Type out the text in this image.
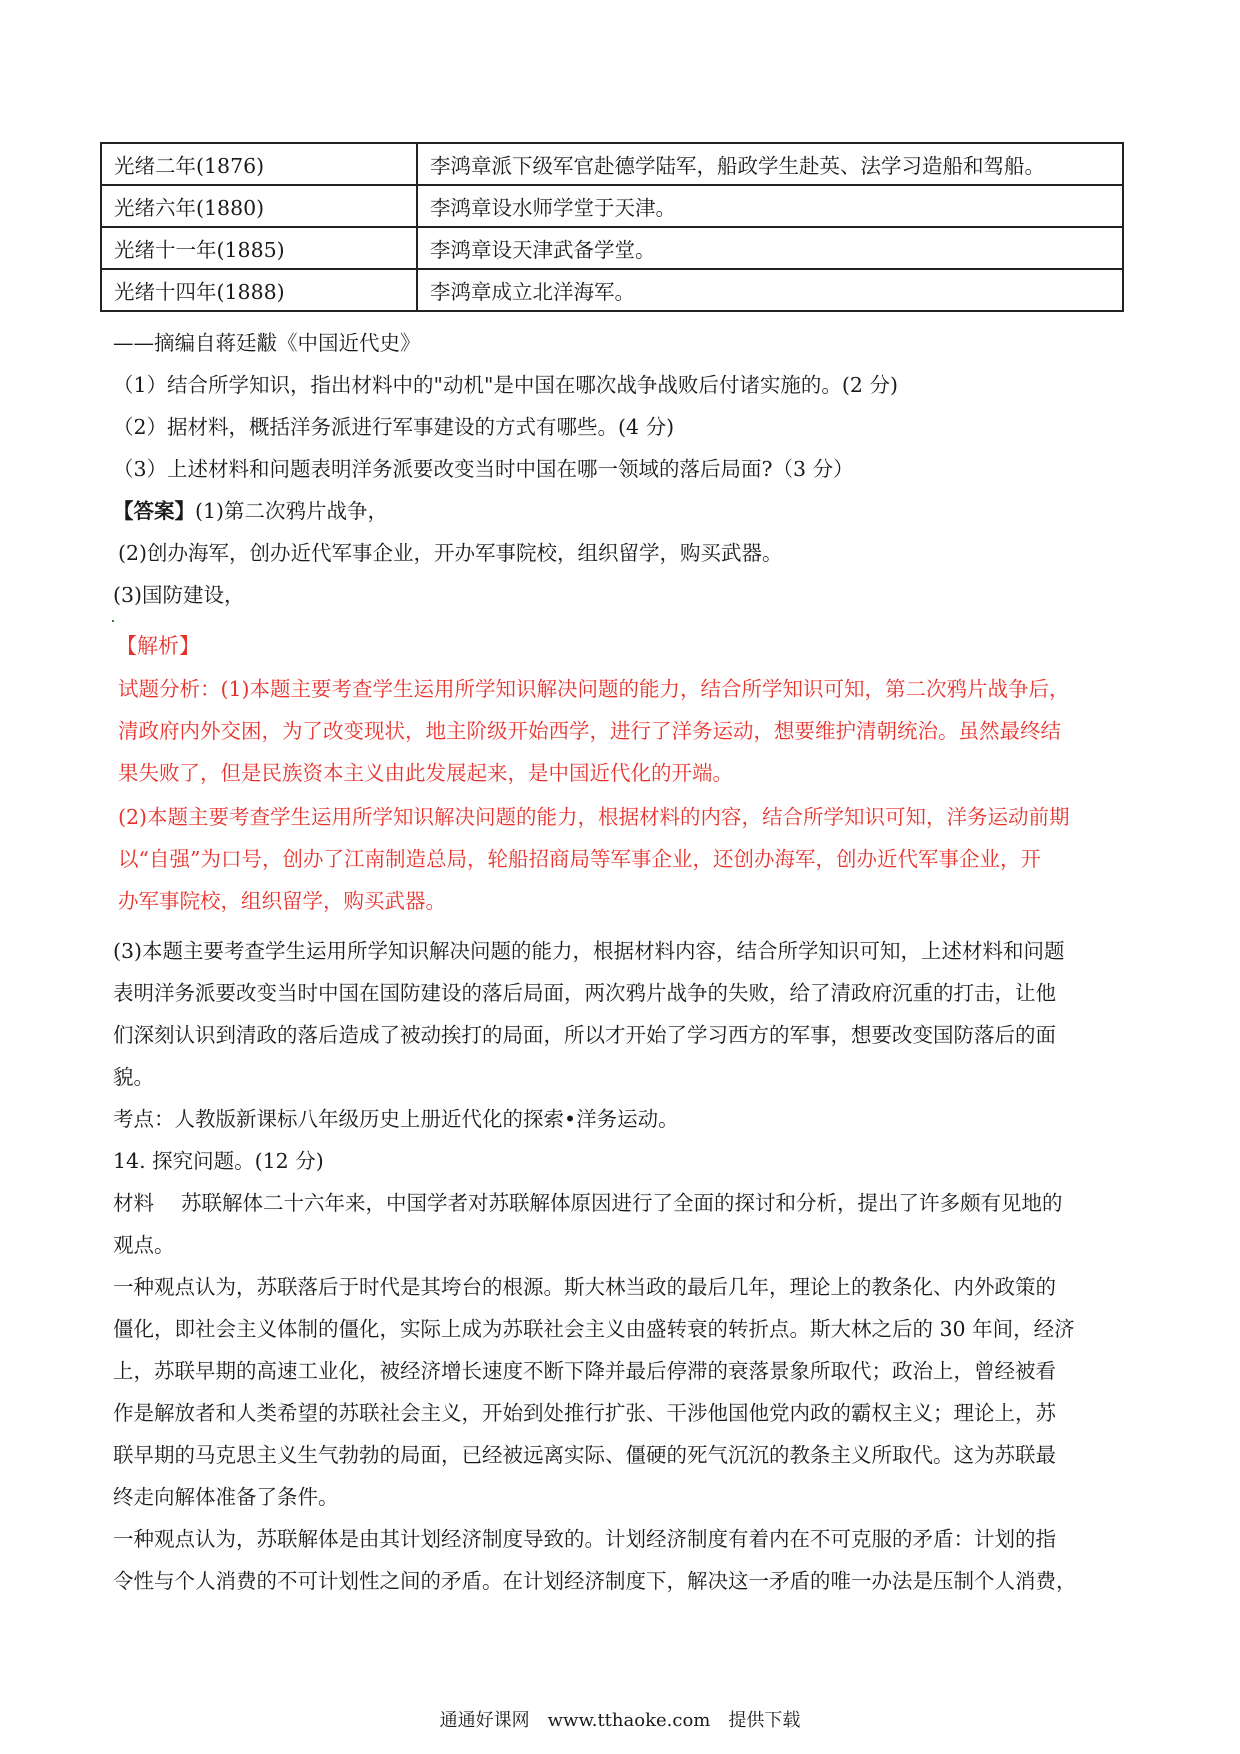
光绪二年(1876)	李鸿章派下级军官赴德学陆军，船政学生赴英、法学习造船和驾船。
光绪六年(1880)	李鸿章设水师学堂于天津。
光绪十一年(1885)	李鸿章设天津武备学堂。
光绪十四年(1888)	李鸿章成立北洋海军。
——摘编自蒋廷黻《中国近代史》
（1）结合所学知识，指出材料中的"动机"是中国在哪次战争战败后付诸实施的。(2 分)
（2）据材料，概括洋务派进行军事建设的方式有哪些。(4 分)
（3）上述材料和问题表明洋务派要改变当时中国在哪一领域的落后局面?（3 分）
【答案】(1)第二次鸦片战争，
(2)创办海军，创办近代军事企业，开办军事院校，组织留学，购买武器。
(3)国防建设，
【解析】
试题分析：(1)本题主要考查学生运用所学知识解决问题的能力，结合所学知识可知，第二次鸦片战争后，
清政府内外交困，为了改变现状，地主阶级开始西学，进行了洋务运动，想要维护清朝统治。虽然最终结
果失败了，但是民族资本主义由此发展起来，是中国近代化的开端。
(2)本题主要考查学生运用所学知识解决问题的能力，根据材料的内容，结合所学知识可知，洋务运动前期
以“自强”为口号，创办了江南制造总局，轮船招商局等军事企业，还创办海军，创办近代军事企业，开
办军事院校，组织留学，购买武器。
(3)本题主要考查学生运用所学知识解决问题的能力，根据材料内容，结合所学知识可知，上述材料和问题
表明洋务派要改变当时中国在国防建设的落后局面，两次鸦片战争的失败，给了清政府沉重的打击，让他
们深刻认识到清政的落后造成了被动挨打的局面，所以才开始了学习西方的军事，想要改变国防落后的面
貌。
考点：人教版新课标八年级历史上册近代化的探索•洋务运动。
14. 探究问题。(12 分)
材料　 苏联解体二十六年来，中国学者对苏联解体原因进行了全面的探讨和分析，提出了许多颇有见地的
观点。
一种观点认为，苏联落后于时代是其垮台的根源。斯大林当政的最后几年，理论上的教条化、内外政策的
僵化，即社会主义体制的僵化，实际上成为苏联社会主义由盛转衰的转折点。斯大林之后的 30 年间，经济
上，苏联早期的高速工业化，被经济增长速度不断下降并最后停滞的衰落景象所取代；政治上，曾经被看
作是解放者和人类希望的苏联社会主义，开始到处推行扩张、干涉他国他党内政的霸权主义；理论上，苏
联早期的马克思主义生气勃勃的局面，已经被远离实际、僵硬的死气沉沉的教条主义所取代。这为苏联最
终走向解体准备了条件。
一种观点认为，苏联解体是由其计划经济制度导致的。计划经济制度有着内在不可克服的矛盾：计划的指
令性与个人消费的不可计划性之间的矛盾。在计划经济制度下，解决这一矛盾的唯一办法是压制个人消费，
通通好课网　www.tthaoke.com　提供下载
